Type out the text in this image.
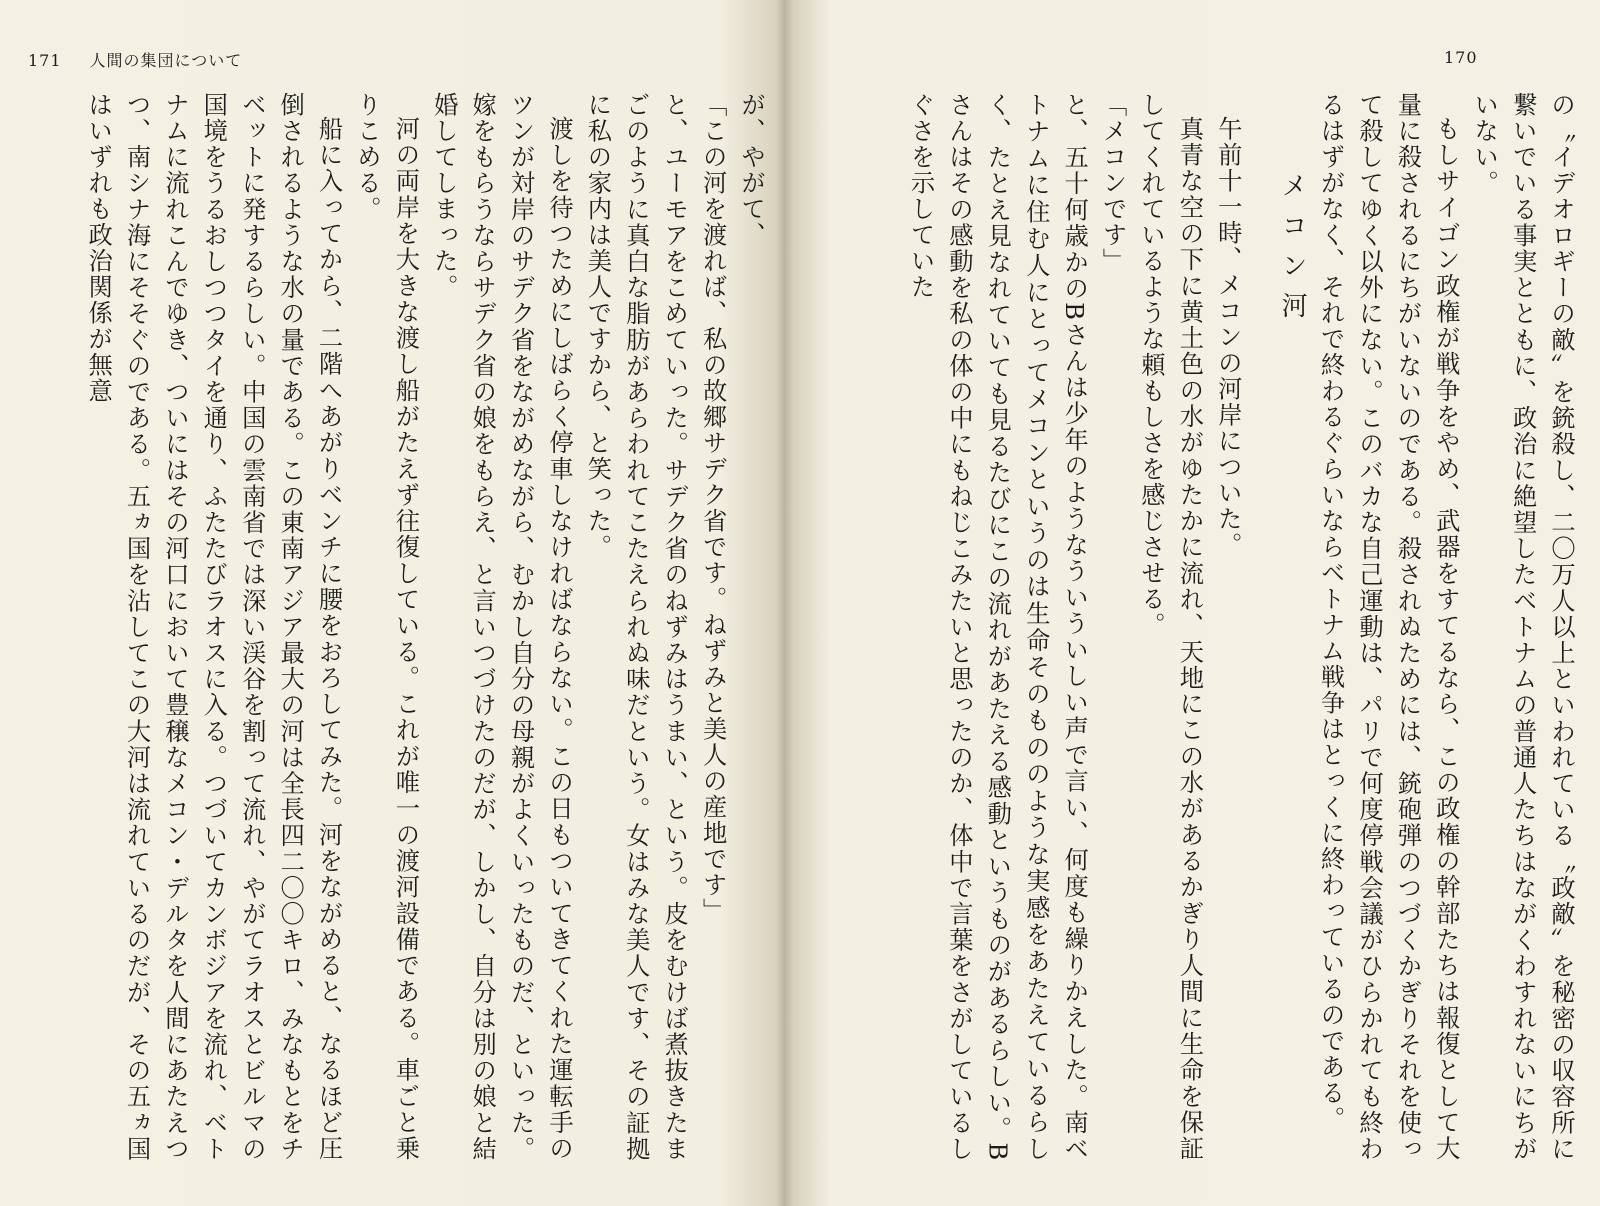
171 人間の集団について

が、やがて、

「この河を渡れば、私の故郷サデク省です。ねずみと美人の産地です」

と、ユーモアをこめていった。サデク省のねずみはうまい、という。皮をむけば煮抜きたまごのように真白な脂肪があらわれてこたえられぬ味だという。女はみな美人です、その証拠に私の家内は美人ですから、と笑った。

渡しを待つためにしばらく停車しなければならない。この日もついてきてくれた運転手のツンが対岸のサデク省をながめながら、むかし自分の母親がよくいったものだ、といった。嫁をもらうならサデク省の娘をもらえ、と言いつづけたのだが、しかし、自分は別の娘と結婚してしまった。

河の両岸を大きな渡し船がたえず往復している。これが唯一の渡河設備である。車ごと乗りこめる。

船に入ってから、二階へあがりベンチに腰をおろしてみた。河をながめると、なるほど圧倒されるような水の量である。この東南アジア最大の河は全長四二〇〇キロ、みなもとをチベットに発するらしい。中国の雲南省では深い渓谷を割って流れ、やがてラオスとビルマの国境をうるおしつつタイを通り、ふたたびラオスに入る。つづいてカンボジアを流れ、ベトナムに流れこんでゆき、ついにはその河口において豊穣なメコン・デルタを人間にあたえつつ、南シナ海にそそぐのである。五ヵ国を沾してこの大河は流れているのだが、その五ヵ国はいずれも政治関係が無意

170

の〝イデオロギーの敵〟を銃殺し、二〇万人以上といわれている〝政敵〟を秘密の収容所に繋いでいる事実とともに、政治に絶望したベトナムの普通人たちはながくわすれないにちがいない。

もしサイゴン政権が戦争をやめ、武器をすてるなら、この政権の幹部たちは報復として大量に殺されるにちがいないのである。殺されぬためには、銃砲弾のつづくかぎりそれを使って殺してゆく以外にない。このバカな自己運動は、パリで何度停戦会議がひらかれても終わるはずがなく、それで終わるぐらいならベトナム戦争はとっくに終わっているのである。

メコン河

午前十一時、メコンの河岸についた。

真青な空の下に黄土色の水がゆたかに流れ、天地にこの水があるかぎり人間に生命を保証してくれているような頼もしさを感じさせる。

「メコンです」

と、五十何歳かのBさんは少年のようなういういしい声で言い、何度も繰りかえした。南ベトナムに住む人にとってメコンというのは生命そのもののような実感をあたえているらしく、たとえ見なれていても見るたびにこの流れがあたえる感動というものがあるらしい。Bさんはその感動を私の体の中にもねじこみたいと思ったのか、体中で言葉をさがしているしぐさを示していた
